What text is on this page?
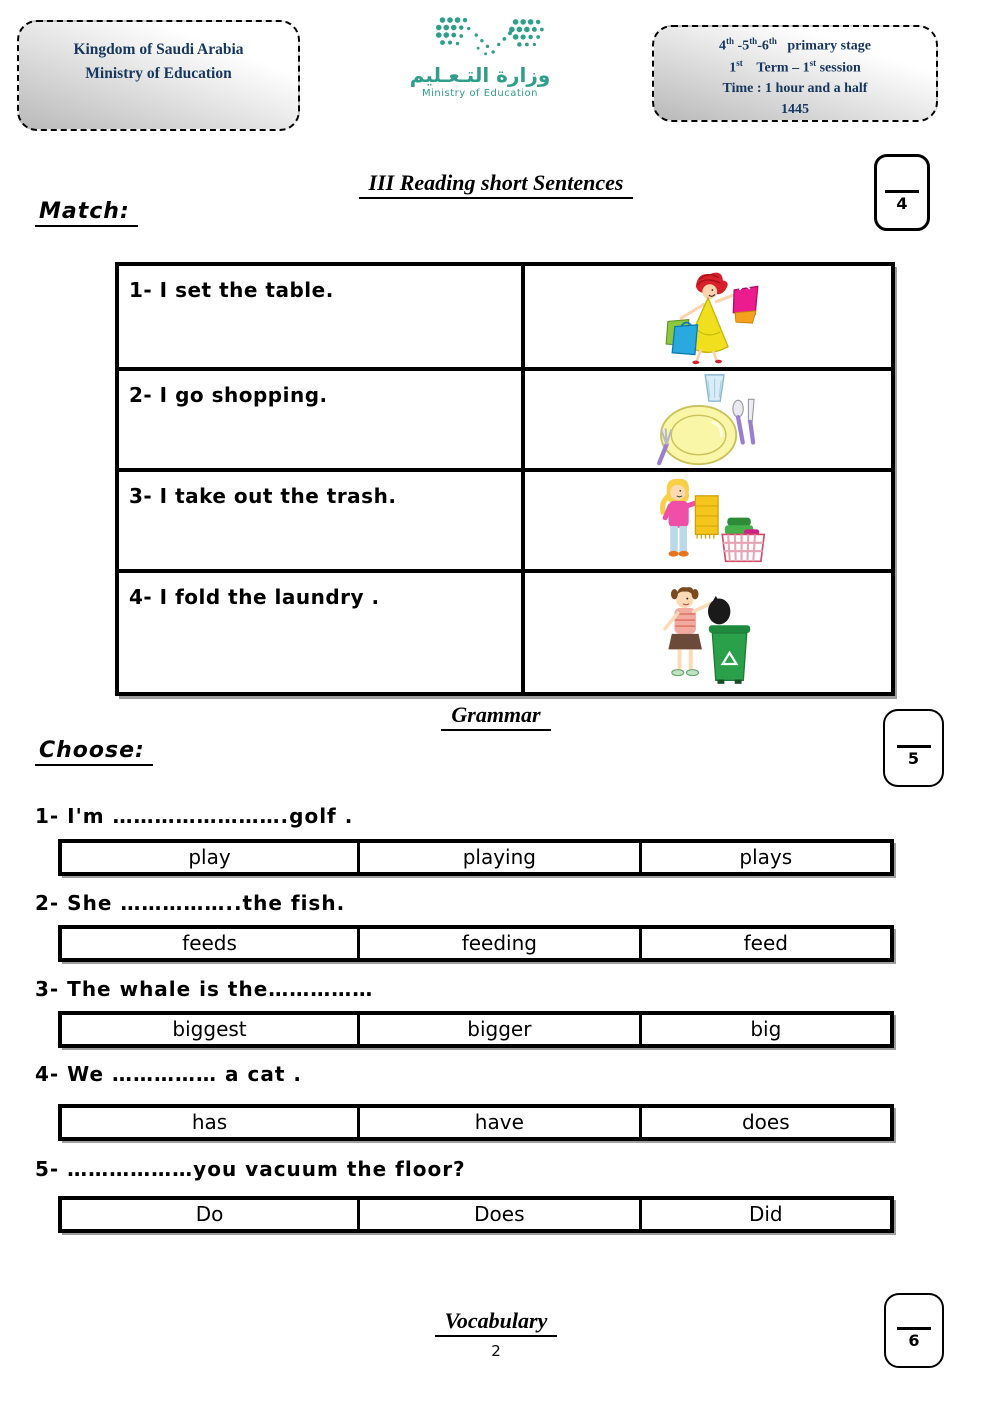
Kingdom of Saudi Arabia
Ministry of Education	وزارة التـعـليم
Ministry of Education
4th -5th-6th   primary stage
1st    Term – 1st session
Time : 1 hour and a half
1445
III Reading short Sentences
4
Match:
1- I set the table.
2- I go shopping.
3- I take out the trash.
4- I fold the laundry .
Grammar
5
Choose:
1- I'm …………………….golf .
play	playing	plays
2- She ……………..the fish.
feeds	feeding	feed
3- The whale is the……………
biggest	bigger	big
4- We …………… a cat .
has	have	does
5- ………………you vacuum the floor?
Do	Does	Did
Vocabulary
6
2
